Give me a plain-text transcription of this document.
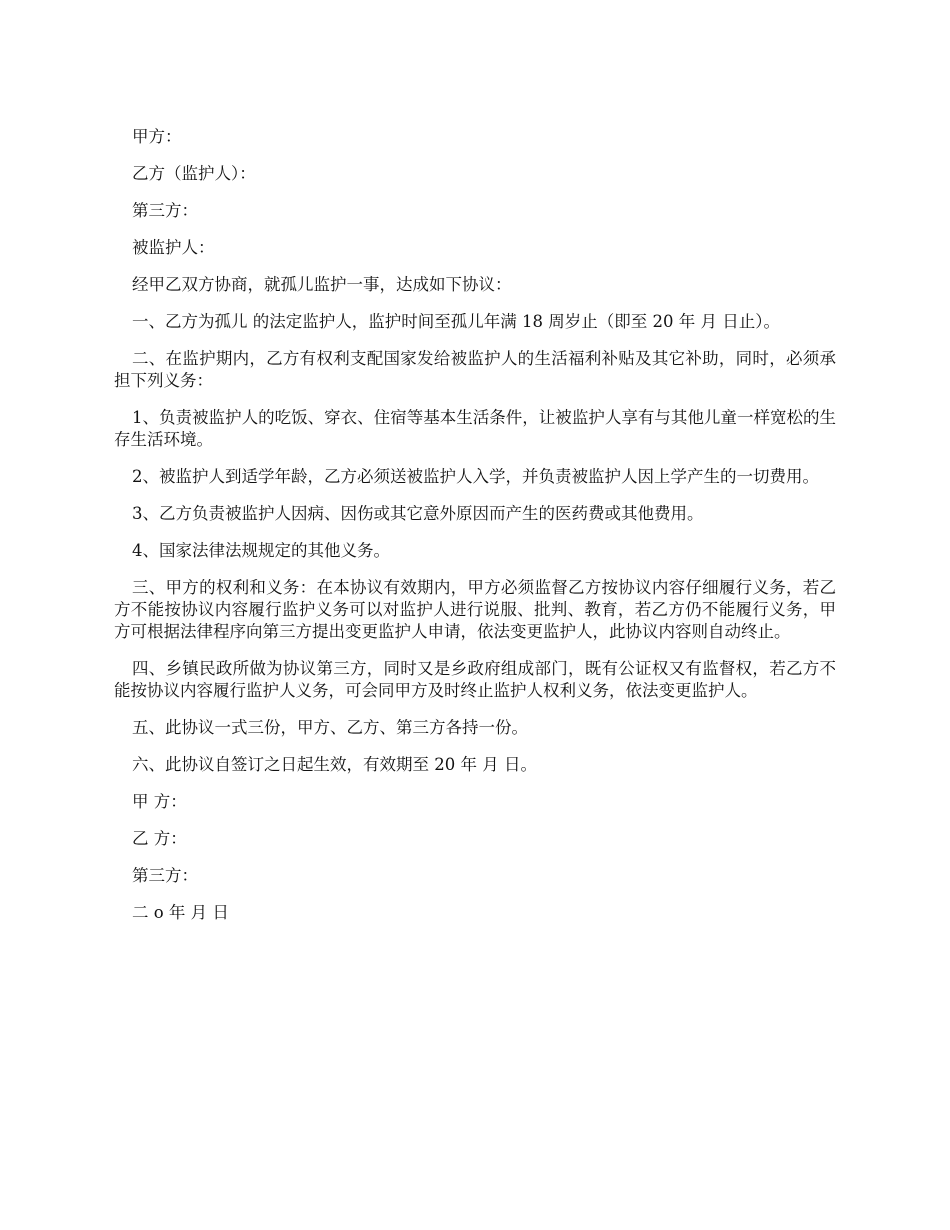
甲方：

乙方（监护人）：

第三方：

被监护人：

经甲乙双方协商，就孤儿监护一事，达成如下协议：

一、乙方为孤儿 的法定监护人，监护时间至孤儿年满 18 周岁止（即至 20 年 月 日止）。

二、在监护期内，乙方有权利支配国家发给被监护人的生活福利补贴及其它补助，同时，必须承担下列义务：

1、负责被监护人的吃饭、穿衣、住宿等基本生活条件，让被监护人享有与其他儿童一样宽松的生存生活环境。

2、被监护人到适学年龄，乙方必须送被监护人入学，并负责被监护人因上学产生的一切费用。

3、乙方负责被监护人因病、因伤或其它意外原因而产生的医药费或其他费用。

4、国家法律法规规定的其他义务。

三、甲方的权利和义务：在本协议有效期内，甲方必须监督乙方按协议内容仔细履行义务，若乙方不能按协议内容履行监护义务可以对监护人进行说服、批判、教育，若乙方仍不能履行义务，甲方可根据法律程序向第三方提出变更监护人申请，依法变更监护人，此协议内容则自动终止。

四、乡镇民政所做为协议第三方，同时又是乡政府组成部门，既有公证权又有监督权，若乙方不能按协议内容履行监护人义务，可会同甲方及时终止监护人权利义务，依法变更监护人。

五、此协议一式三份，甲方、乙方、第三方各持一份。

六、此协议自签订之日起生效，有效期至 20 年 月 日。

甲 方：

乙 方：

第三方：

二 o 年 月 日
